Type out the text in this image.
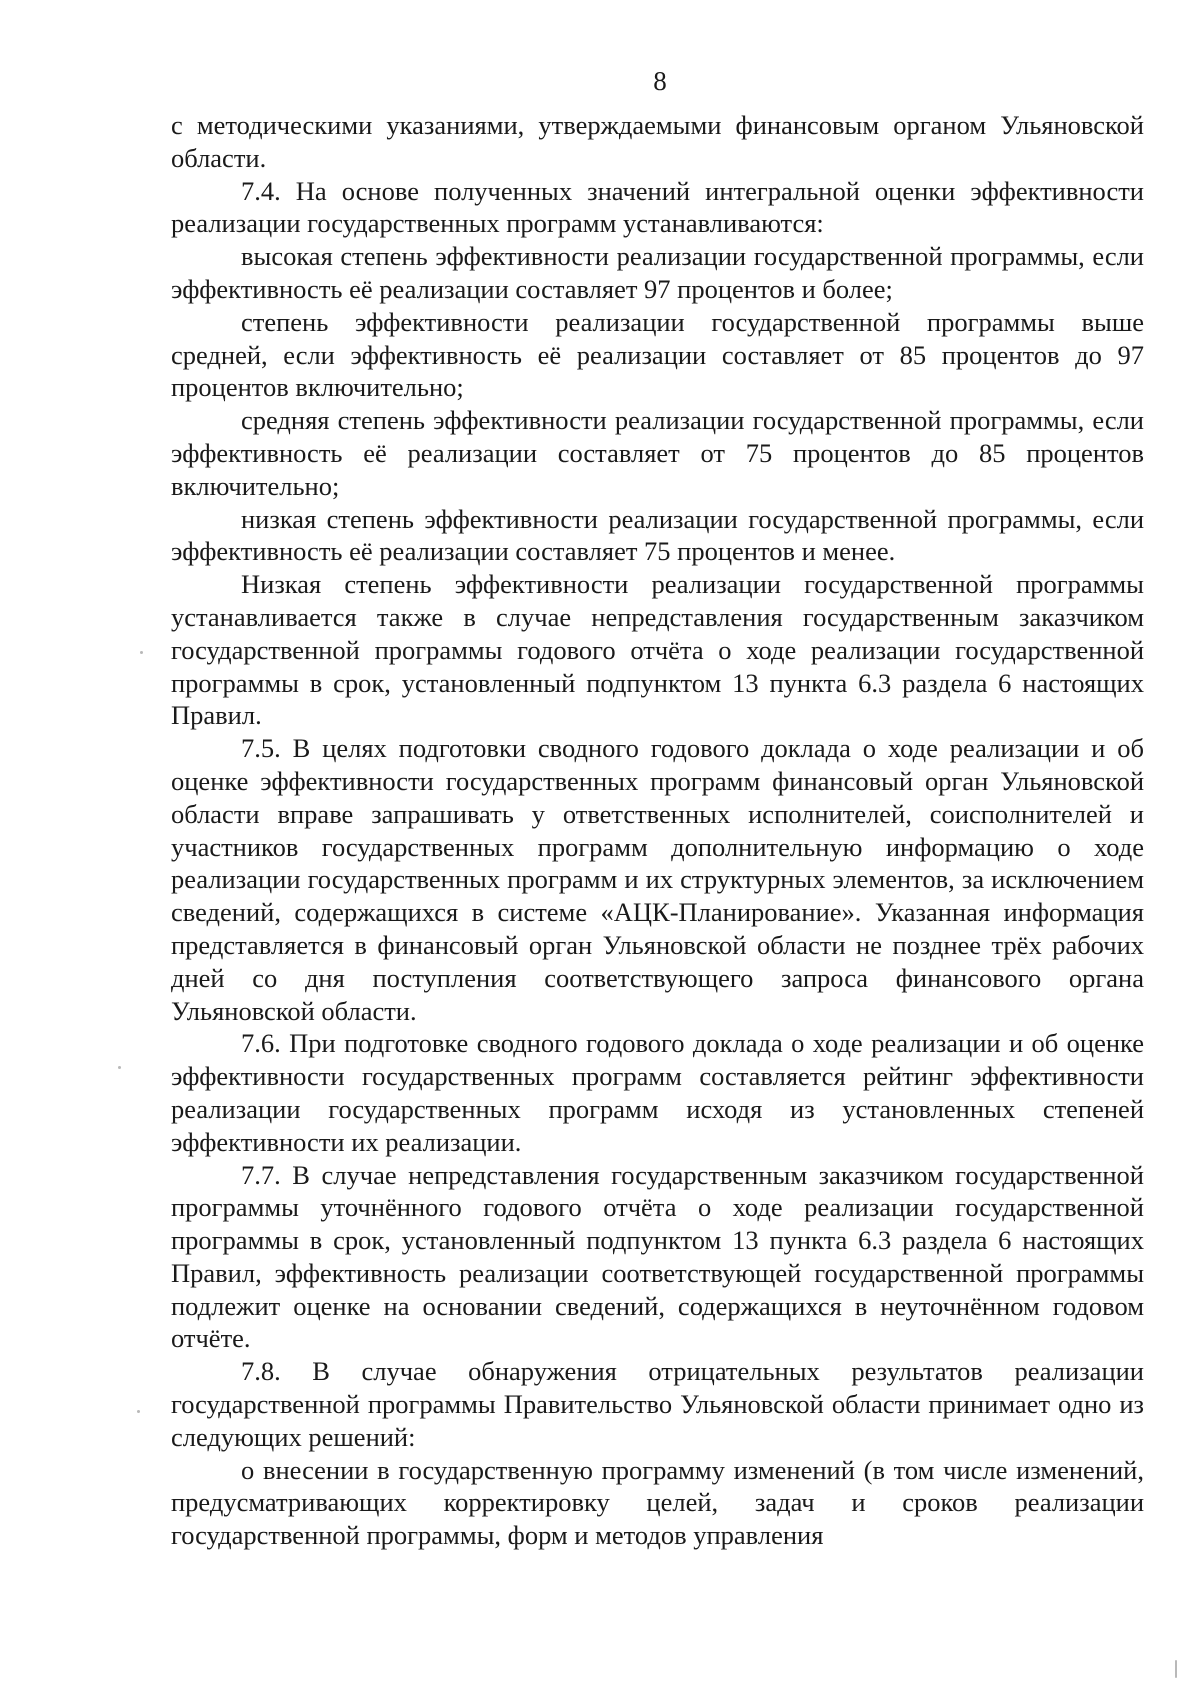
8

с методическими указаниями, утверждаемыми финансовым органом Ульяновской области.

7.4. На основе полученных значений интегральной оценки эффективности реализации государственных программ устанавливаются:

высокая степень эффективности реализации государственной программы, если эффективность её реализации составляет 97 процентов и более;

степень эффективности реализации государственной программы выше средней, если эффективность её реализации составляет от 85 процентов до 97 процентов включительно;

средняя степень эффективности реализации государственной программы, если эффективность её реализации составляет от 75 процентов до 85 процентов включительно;

низкая степень эффективности реализации государственной программы, если эффективность её реализации составляет 75 процентов и менее.

Низкая степень эффективности реализации государственной программы устанавливается также в случае непредставления государственным заказчиком государственной программы годового отчёта о ходе реализации государственной программы в срок, установленный подпунктом 13 пункта 6.3 раздела 6 настоящих Правил.

7.5. В целях подготовки сводного годового доклада о ходе реализации и об оценке эффективности государственных программ финансовый орган Ульяновской области вправе запрашивать у ответственных исполнителей, соисполнителей и участников государственных программ дополнительную информацию о ходе реализации государственных программ и их структурных элементов, за исключением сведений, содержащихся в системе «АЦК-Планирование». Указанная информация представляется в финансовый орган Ульяновской области не позднее трёх рабочих дней со дня поступления соответствующего запроса финансового органа Ульяновской области.

7.6. При подготовке сводного годового доклада о ходе реализации и об оценке эффективности государственных программ составляется рейтинг эффективности реализации государственных программ исходя из установленных степеней эффективности их реализации.

7.7. В случае непредставления государственным заказчиком государственной программы уточнённого годового отчёта о ходе реализации государственной программы в срок, установленный подпунктом 13 пункта 6.3 раздела 6 настоящих Правил, эффективность реализации соответствующей государственной программы подлежит оценке на основании сведений, содержащихся в неуточнённом годовом отчёте.

7.8. В случае обнаружения отрицательных результатов реализации государственной программы Правительство Ульяновской области принимает одно из следующих решений:

о внесении в государственную программу изменений (в том числе изменений, предусматривающих корректировку целей, задач и сроков реализации государственной программы, форм и методов управления
